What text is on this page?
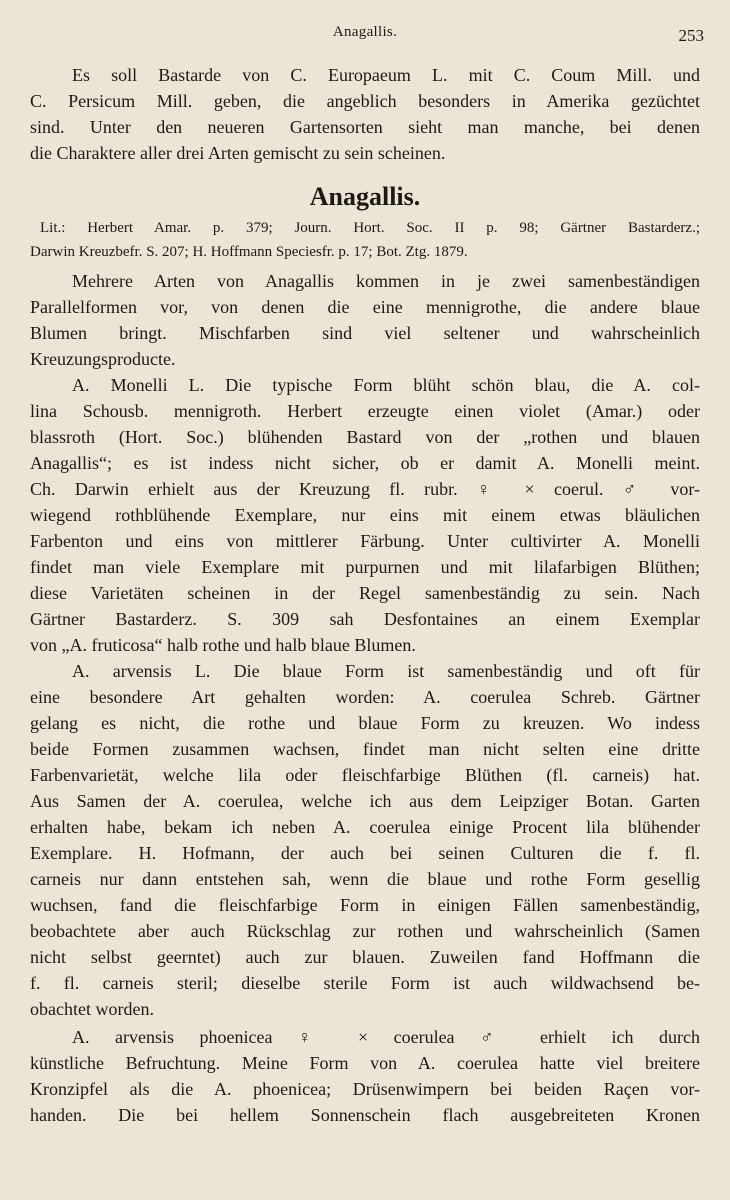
Anagallis.	253
Es soll Bastarde von C. Europaeum L. mit C. Coum Mill. und
C. Persicum Mill. geben, die angeblich besonders in Amerika gezüchtet
sind. Unter den neueren Gartensorten sieht man manche, bei denen
die Charaktere aller drei Arten gemischt zu sein scheinen.
Anagallis.
Lit.: Herbert Amar. p. 379; Journ. Hort. Soc. II p. 98; Gärtner Bastarderz.;
Darwin Kreuzbefr. S. 207; H. Hoffmann Speciesfr. p. 17; Bot. Ztg. 1879.
Mehrere Arten von Anagallis kommen in je zwei samenbeständigen
Parallelformen vor, von denen die eine mennigrothe, die andere blaue
Blumen bringt. Mischfarben sind viel seltener und wahrscheinlich
Kreuzungsproducte.
A. Monelli L. Die typische Form blüht schön blau, die A. col-
lina Schousb. mennigroth. Herbert erzeugte einen violet (Amar.) oder
blassroth (Hort. Soc.) blühenden Bastard von der „rothen und blauen
Anagallis“; es ist indess nicht sicher, ob er damit A. Monelli meint.
Ch. Darwin erhielt aus der Kreuzung fl. rubr. ♀ × coerul. ♂ vor-
wiegend rothblühende Exemplare, nur eins mit einem etwas bläulichen
Farbenton und eins von mittlerer Färbung. Unter cultivirter A. Monelli
findet man viele Exemplare mit purpurnen und mit lilafarbigen Blüthen;
diese Varietäten scheinen in der Regel samenbeständig zu sein. Nach
Gärtner Bastarderz. S. 309 sah Desfontaines an einem Exemplar
von „A. fruticosa“ halb rothe und halb blaue Blumen.
A. arvensis L. Die blaue Form ist samenbeständig und oft für
eine besondere Art gehalten worden: A. coerulea Schreb. Gärtner
gelang es nicht, die rothe und blaue Form zu kreuzen. Wo indess
beide Formen zusammen wachsen, findet man nicht selten eine dritte
Farbenvarietät, welche lila oder fleischfarbige Blüthen (fl. carneis) hat.
Aus Samen der A. coerulea, welche ich aus dem Leipziger Botan. Garten
erhalten habe, bekam ich neben A. coerulea einige Procent lila blühender
Exemplare. H. Hofmann, der auch bei seinen Culturen die f. fl.
carneis nur dann entstehen sah, wenn die blaue und rothe Form gesellig
wuchsen, fand die fleischfarbige Form in einigen Fällen samenbeständig,
beobachtete aber auch Rückschlag zur rothen und wahrscheinlich (Samen
nicht selbst geerntet) auch zur blauen. Zuweilen fand Hoffmann die
f. fl. carneis steril; dieselbe sterile Form ist auch wildwachsend be-
obachtet worden.
A. arvensis phoenicea ♀ × coerulea ♂ erhielt ich durch
künstliche Befruchtung. Meine Form von A. coerulea hatte viel breitere
Kronzipfel als die A. phoenicea; Drüsenwimpern bei beiden Raçen vor-
handen. Die bei hellem Sonnenschein flach ausgebreiteten Kronen
